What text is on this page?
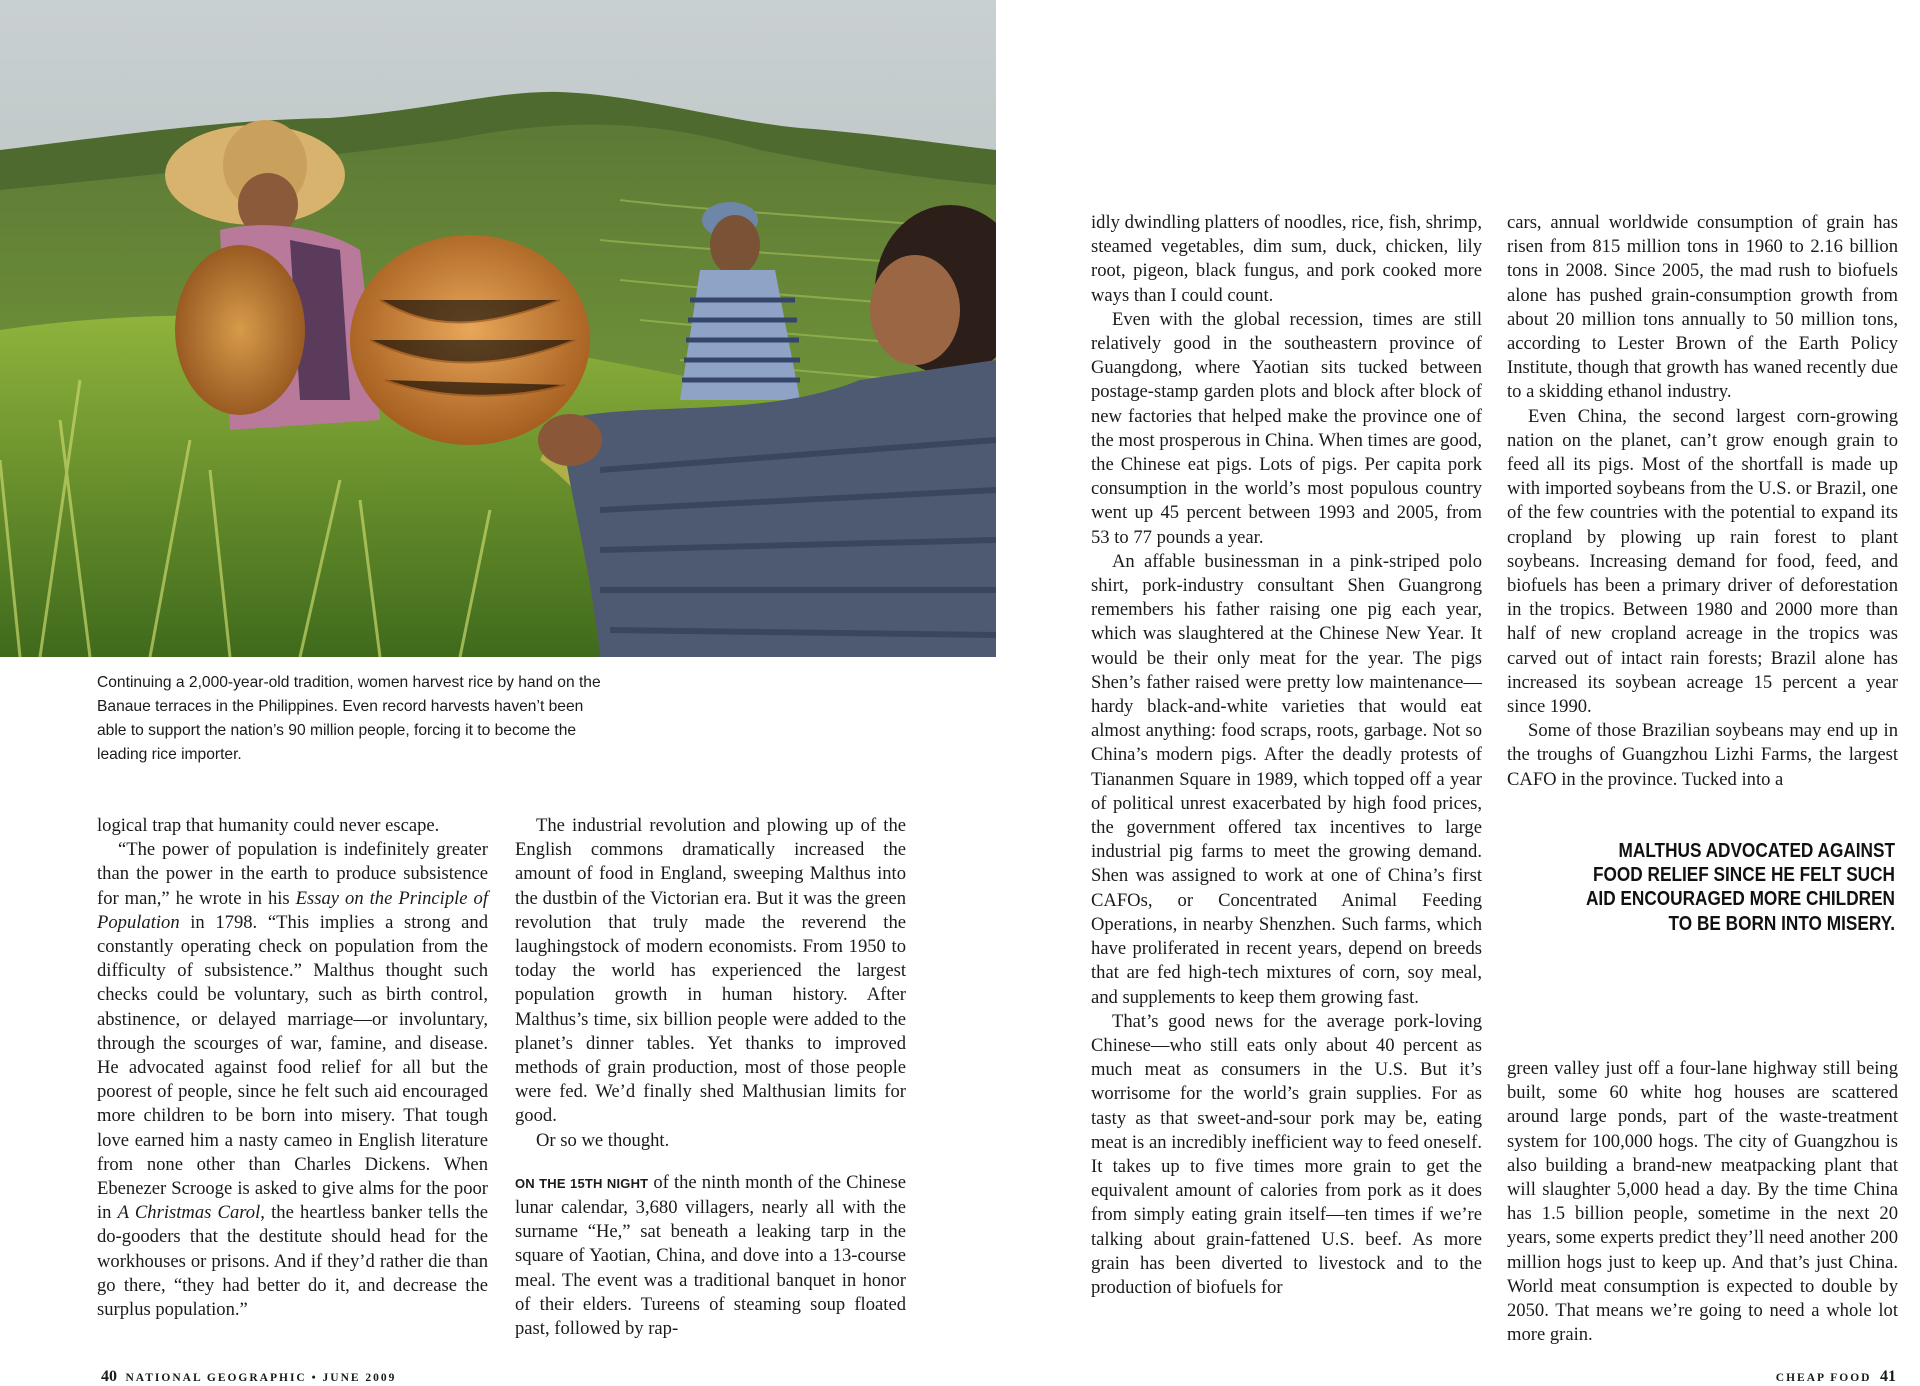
Continuing a 2,000-year-old tradition, women harvest rice by hand on the Banaue terraces in the Philippines. Even record harvests haven’t been able to support the nation’s 90 million people, forcing it to become the leading rice importer.

logical trap that humanity could never escape.

“The power of population is indefinitely greater than the power in the earth to produce subsistence for man,” he wrote in his Essay on the Principle of Population in 1798. “This implies a strong and constantly operating check on population from the difficulty of subsistence.” Malthus thought such checks could be voluntary, such as birth control, abstinence, or delayed marriage—or involuntary, through the scourges of war, famine, and disease. He advocated against food relief for all but the poorest of people, since he felt such aid encouraged more children to be born into misery. That tough love earned him a nasty cameo in English literature from none other than Charles Dickens. When Ebenezer Scrooge is asked to give alms for the poor in A Christmas Carol, the heartless banker tells the do-gooders that the destitute should head for the workhouses or prisons. And if they’d rather die than go there, “they had better do it, and decrease the surplus population.”

The industrial revolution and plowing up of the English commons dramatically increased the amount of food in England, sweeping Malthus into the dustbin of the Victorian era. But it was the green revolution that truly made the reverend the laughingstock of modern economists. From 1950 to today the world has experienced the largest population growth in human history. After Malthus’s time, six billion people were added to the planet’s dinner tables. Yet thanks to improved methods of grain production, most of those people were fed. We’d finally shed Malthusian limits for good.

Or so we thought.

ON THE 15TH NIGHT of the ninth month of the Chinese lunar calendar, 3,680 villagers, nearly all with the surname “He,” sat beneath a leaking tarp in the square of Yaotian, China, and dove into a 13-course meal. The event was a traditional banquet in honor of their elders. Tureens of steaming soup floated past, followed by rap-

idly dwindling platters of noodles, rice, fish, shrimp, steamed vegetables, dim sum, duck, chicken, lily root, pigeon, black fungus, and pork cooked more ways than I could count.

Even with the global recession, times are still relatively good in the southeastern province of Guangdong, where Yaotian sits tucked between postage-stamp garden plots and block after block of new factories that helped make the province one of the most prosperous in China. When times are good, the Chinese eat pigs. Lots of pigs. Per capita pork consumption in the world’s most populous country went up 45 percent between 1993 and 2005, from 53 to 77 pounds a year.

An affable businessman in a pink-striped polo shirt, pork-industry consultant Shen Guangrong remembers his father raising one pig each year, which was slaughtered at the Chinese New Year. It would be their only meat for the year. The pigs Shen’s father raised were pretty low maintenance—hardy black-and-white varieties that would eat almost anything: food scraps, roots, garbage. Not so China’s modern pigs. After the deadly protests of Tiananmen Square in 1989, which topped off a year of political unrest exacerbated by high food prices, the government offered tax incentives to large industrial pig farms to meet the growing demand. Shen was assigned to work at one of China’s first CAFOs, or Concentrated Animal Feeding Operations, in nearby Shenzhen. Such farms, which have proliferated in recent years, depend on breeds that are fed high-tech mixtures of corn, soy meal, and supplements to keep them growing fast.

That’s good news for the average pork-loving Chinese—who still eats only about 40 percent as much meat as consumers in the U.S. But it’s worrisome for the world’s grain supplies. For as tasty as that sweet-and-sour pork may be, eating meat is an incredibly inefficient way to feed oneself. It takes up to five times more grain to get the equivalent amount of calories from pork as it does from simply eating grain itself—ten times if we’re talking about grain-fattened U.S. beef. As more grain has been diverted to livestock and to the production of biofuels for

cars, annual worldwide consumption of grain has risen from 815 million tons in 1960 to 2.16 billion tons in 2008. Since 2005, the mad rush to biofuels alone has pushed grain-consumption growth from about 20 million tons annually to 50 million tons, according to Lester Brown of the Earth Policy Institute, though that growth has waned recently due to a skidding ethanol industry.

Even China, the second largest corn-growing nation on the planet, can’t grow enough grain to feed all its pigs. Most of the shortfall is made up with imported soybeans from the U.S. or Brazil, one of the few countries with the potential to expand its cropland by plowing up rain forest to plant soybeans. Increasing demand for food, feed, and biofuels has been a primary driver of deforestation in the tropics. Between 1980 and 2000 more than half of new cropland acreage in the tropics was carved out of intact rain forests; Brazil alone has increased its soybean acreage 15 percent a year since 1990.

Some of those Brazilian soybeans may end up in the troughs of Guangzhou Lizhi Farms, the largest CAFO in the province. Tucked into a

MALTHUS ADVOCATED AGAINST FOOD RELIEF SINCE HE FELT SUCH AID ENCOURAGED MORE CHILDREN TO BE BORN INTO MISERY.

green valley just off a four-lane highway still being built, some 60 white hog houses are scattered around large ponds, part of the waste-treatment system for 100,000 hogs. The city of Guangzhou is also building a brand-new meatpacking plant that will slaughter 5,000 head a day. By the time China has 1.5 billion people, sometime in the next 20 years, some experts predict they’ll need another 200 million hogs just to keep up. And that’s just China. World meat consumption is expected to double by 2050. That means we’re going to need a whole lot more grain.

40 NATIONAL GEOGRAPHIC • JUNE 2009	CHEAP FOOD 41
